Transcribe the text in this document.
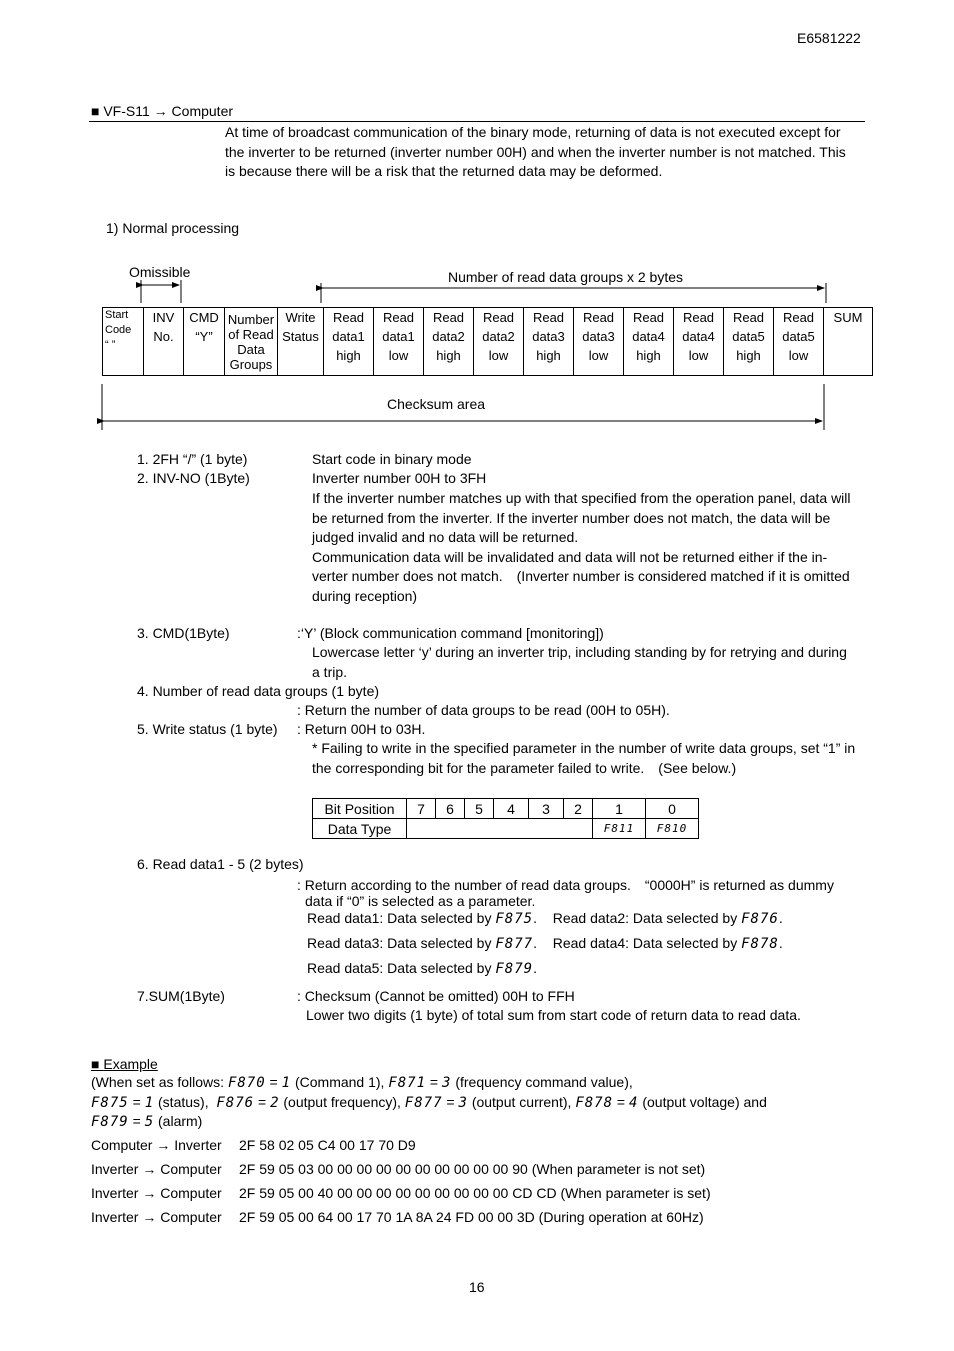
E6581222
■ VF-S11 → Computer
At time of broadcast communication of the binary mode, returning of data is not executed except for
the inverter to be returned (inverter number 00H) and when the inverter number is not matched. This
is because there will be a risk that the returned data may be deformed.
1) Normal processing
Omissible	Number of read data groups x 2 bytes
Start
Code
“ ”

INV
No.

CMD
“Y”

Number
of Read
Data
Groups

Write
Status

Read
data1
high

Read
data1
low

Read
data2
high

Read
data2
low

Read
data3
high

Read
data3
low

Read
data4
high

Read
data4
low

Read
data5
high

Read
data5
low

SUM
Checksum area
1. 2FH “/” (1 byte)	Start code in binary mode
2. INV-NO (1Byte)	Inverter number 00H to 3FH
If the inverter number matches up with that specified from the operation panel, data will
be returned from the inverter. If the inverter number does not match, the data will be
judged invalid and no data will be returned.
Communication data will be invalidated and data will not be returned either if the in-
verter number does not match.　(Inverter number is considered matched if it is omitted
during reception)
3. CMD(1Byte)	:‘Y’ (Block communication command [monitoring])
Lowercase letter ‘y’ during an inverter trip, including standing by for retrying and during
a trip.
4. Number of read data groups (1 byte)
: Return the number of data groups to be read (00H to 05H).
5. Write status (1 byte) : Return 00H to 03H.
* Failing to write in the specified parameter in the number of write data groups, set “1” in
the corresponding bit for the parameter failed to write.　(See below.)
Bit Position	7	6	5	4	3	2	1	0
Data Type							F811	F810
6. Read data1 - 5 (2 bytes)
: Return according to the number of read data groups.　“0000H” is returned as dummy
data if “0” is selected as a parameter.
Read data1: Data selected by F875. Read data2: Data selected by F876.
Read data3: Data selected by F877. Read data4: Data selected by F878.
Read data5: Data selected by F879.
7.SUM(1Byte)	: Checksum (Cannot be omitted) 00H to FFH
Lower two digits (1 byte) of total sum from start code of return data to read data.
■ Example
(When set as follows: F870 = 1 (Command 1), F871 = 3 (frequency command value),
F875 = 1 (status), F876 = 2 (output frequency), F877 = 3 (output current), F878 = 4 (output voltage) and
F879 = 5 (alarm)
Computer → Inverter 2F 58 02 05 C4 00 17 70 D9
Inverter → Computer 2F 59 05 03 00 00 00 00 00 00 00 00 00 00 90 (When parameter is not set)
Inverter → Computer 2F 59 05 00 40 00 00 00 00 00 00 00 00 00 CD CD (When parameter is set)
Inverter → Computer 2F 59 05 00 64 00 17 70 1A 8A 24 FD 00 00 3D (During operation at 60Hz)
16
